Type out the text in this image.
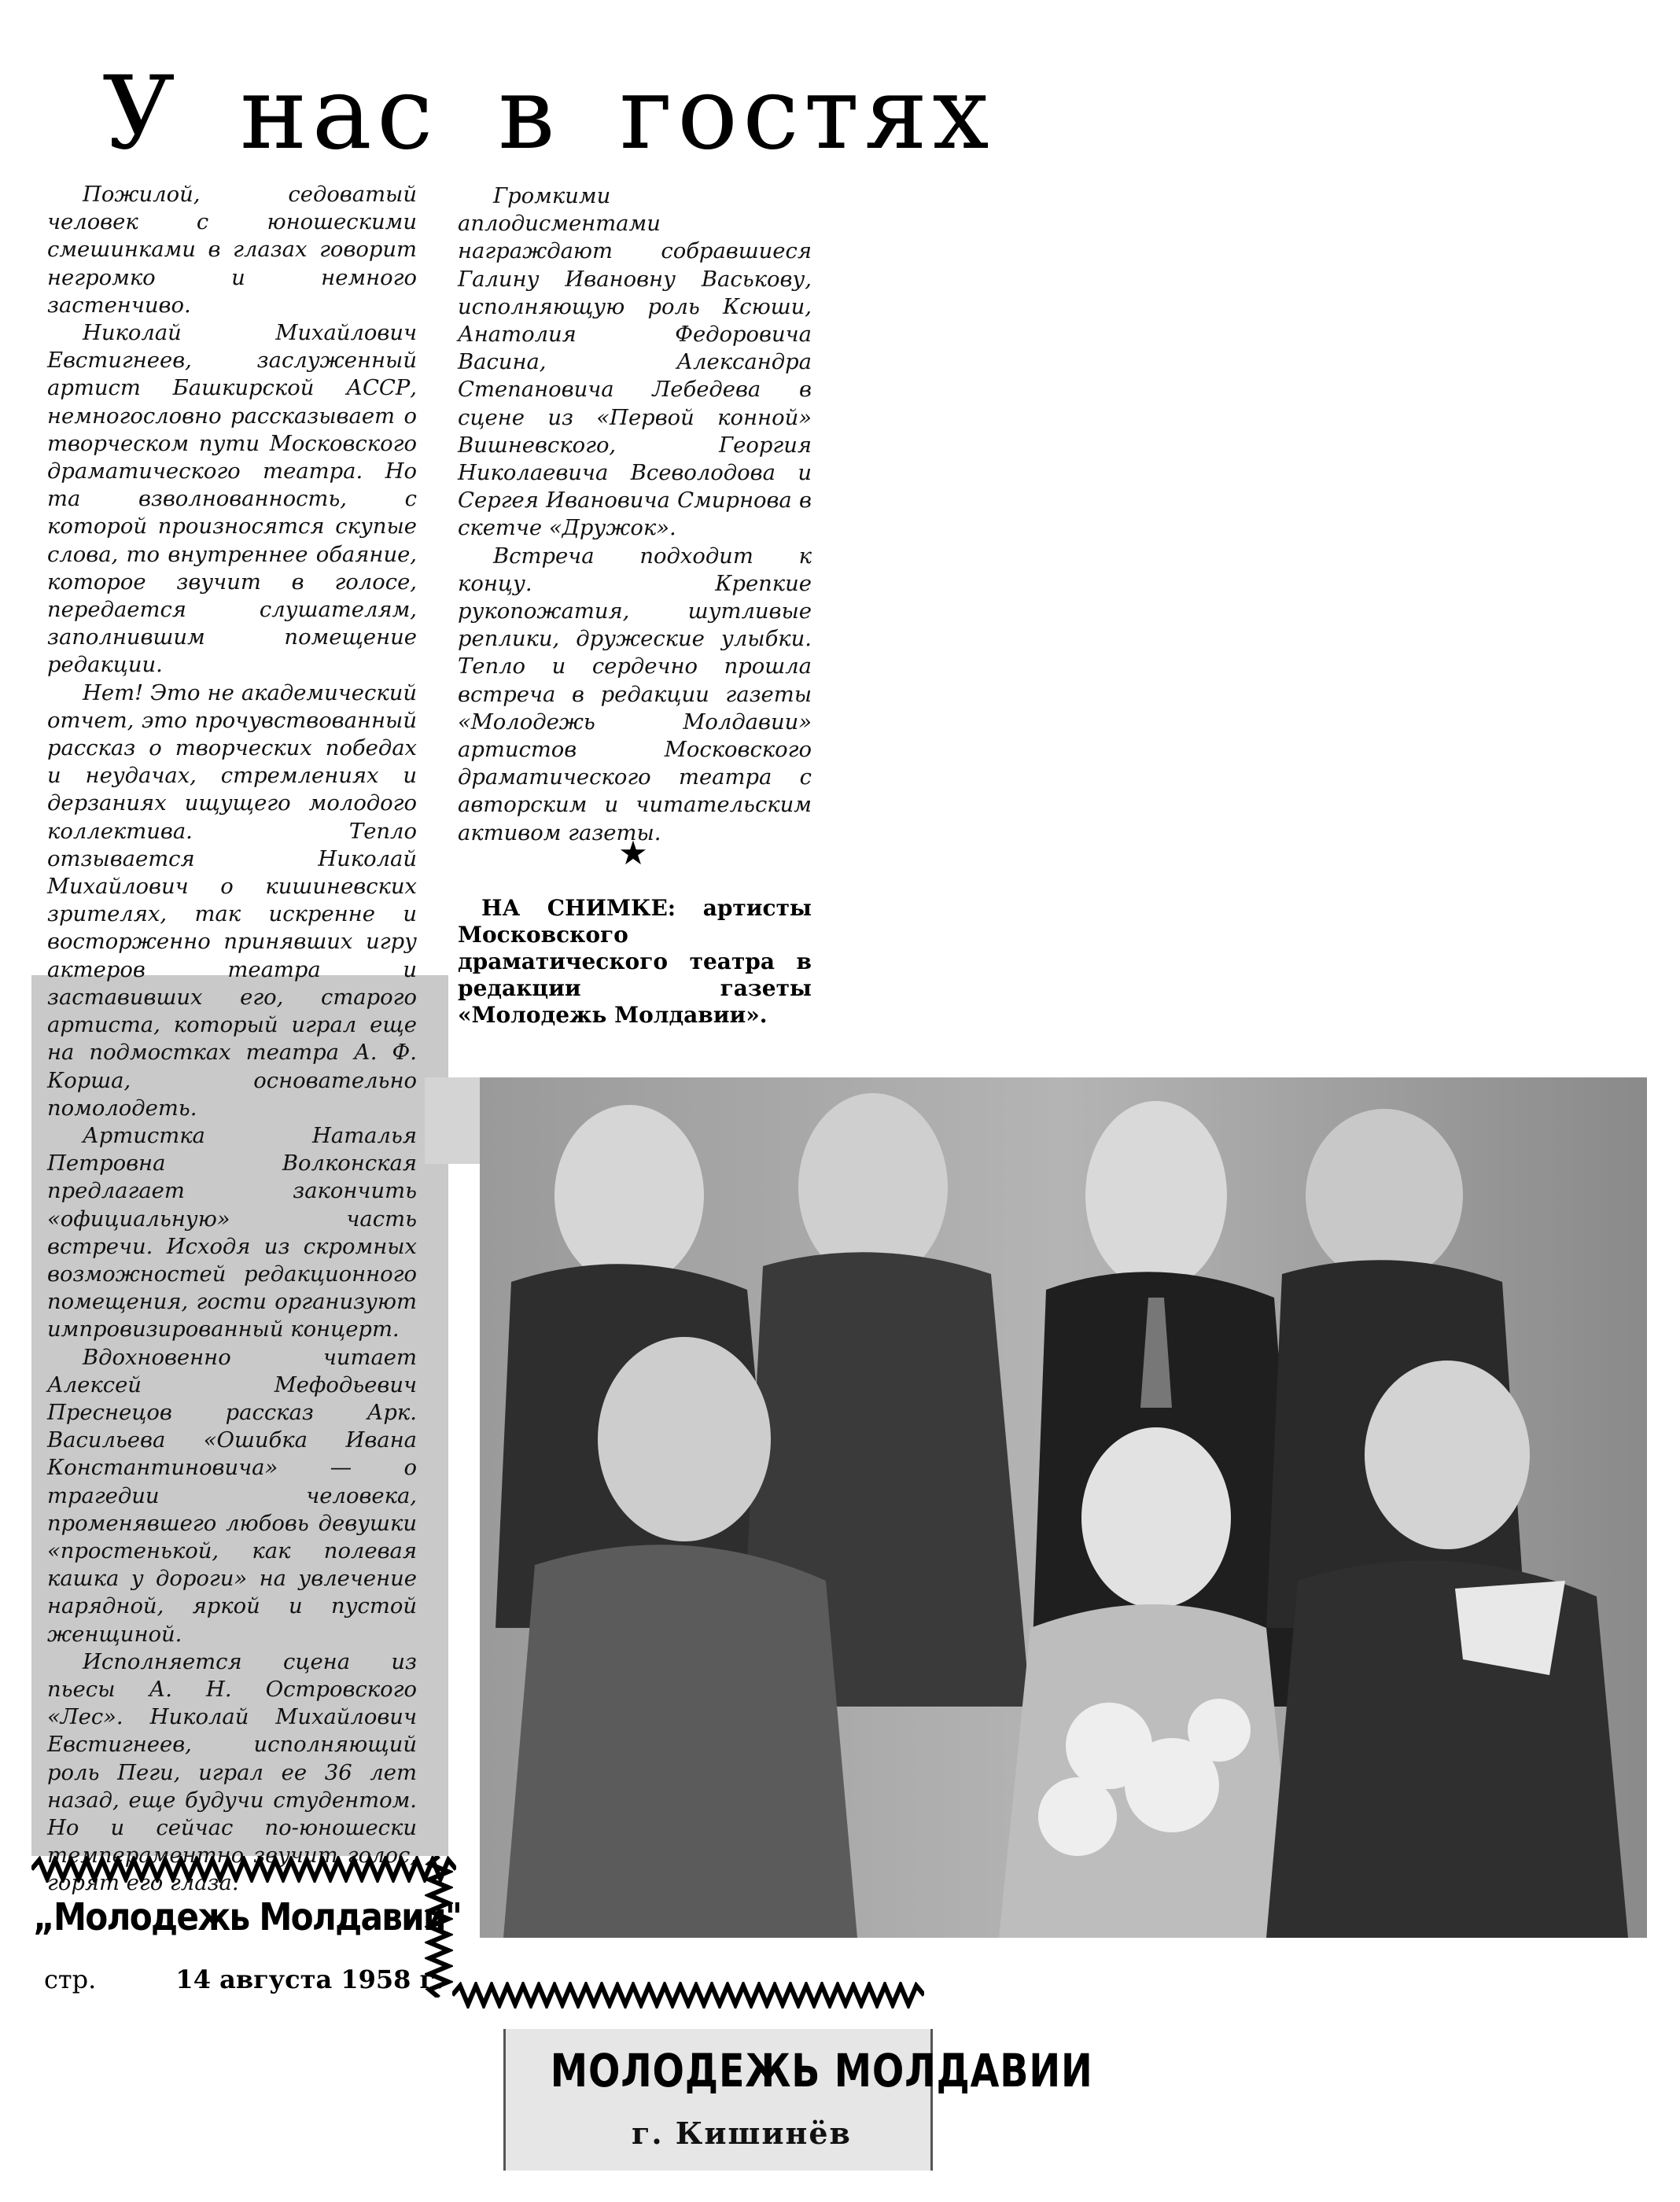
У нас в гостях

Пожилой, седоватый человек с юношескими смешинками в глазах говорит негромко и немного застенчиво.

Николай Михайлович Евстигнеев, заслуженный артист Башкирской АССР, немногословно рассказывает о творческом пути Московского драматического театра. Но та взволнованность, с которой произносятся скупые слова, то внутреннее обаяние, которое звучит в голосе, передается слушателям, заполнившим помещение редакции.

Нет! Это не академический отчет, это прочувствованный рассказ о творческих победах и неудачах, стремлениях и дерзаниях ищущего молодого коллектива. Тепло отзывается Николай Михайлович о кишиневских зрителях, так искренне и восторженно принявших игру актеров театра и заставивших его, старого артиста, который играл еще на подмостках театра А. Ф. Корша, основательно помолодеть.

Артистка Наталья Петровна Волконская предлагает закончить «официальную» часть встречи. Исходя из скромных возможностей редакционного помещения, гости организуют импровизированный концерт.

Вдохновенно читает Алексей Мефодьевич Преснецов рассказ Арк. Васильева «Ошибка Ивана Константиновича» — о трагедии человека, променявшего любовь девушки «простенькой, как полевая кашка у дороги» на увлечение нарядной, яркой и пустой женщиной.

Исполняется сцена из пьесы А. Н. Островского «Лес». Николай Михайлович Евстигнеев, исполняющий роль Пеги, играл ее 36 лет назад, еще будучи студентом. Но и сейчас по-юношески темпераментно звучит голос, горят его глаза.

Громкими аплодисментами награждают собравшиеся Галину Ивановну Васькову, исполняющую роль Ксюши, Анатолия Федоровича Васина, Александра Степановича Лебедева в сцене из «Первой конной» Вишневского, Георгия Николаевича Всеволодова и Сергея Ивановича Смирнова в скетче «Дружок».

Встреча подходит к концу. Крепкие рукопожатия, шутливые реплики, дружеские улыбки. Тепло и сердечно прошла встреча в редакции газеты «Молодежь Молдавии» артистов Московского драматического театра с авторским и читательским активом газеты.

★
НА СНИМКЕ: артисты Московского драматического театра в редакции газеты «Молодежь Молдавии».
„Молодежь Молдавии"
стр.	14 августа 1958 г.
МОЛОДЕЖЬ МОЛДАВИИ
г. Кишинёв
